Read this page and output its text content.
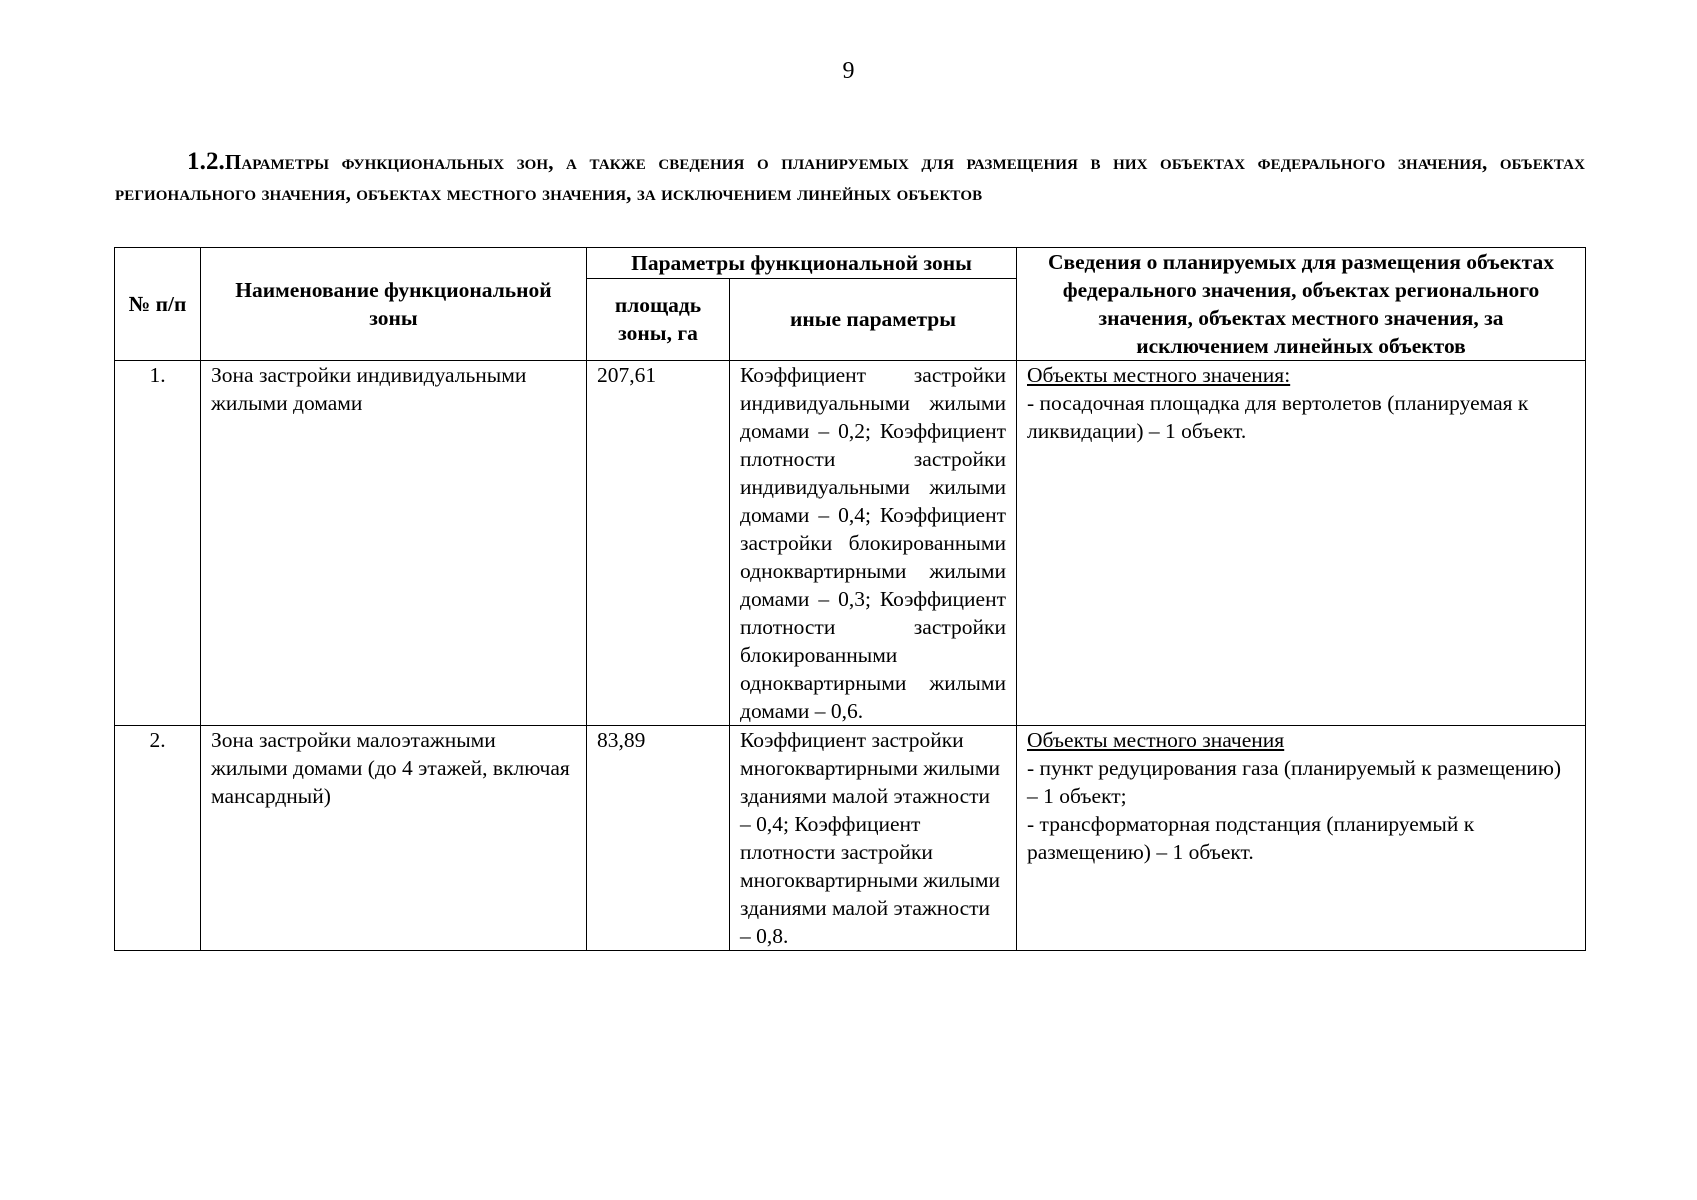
9
1.2.Параметры функциональных зон, а также сведения о планируемых для размещения в них объектах федерального значения, объектах регионального значения, объектах местного значения, за исключением линейных объектов
№ п/п	Наименование функциональной зоны	Параметры функциональной зоны		Сведения о планируемых для размещения объектах федерального значения, объектах регионального значения, объектах местного значения, за исключением линейных объектов
		площадь зоны, га	иные параметры	
1.	Зона застройки индивидуальными жилыми домами	207,61	Коэффициент застройки индивидуальными жилыми домами – 0,2; Коэффициент плотности застройки индивидуальными жилыми домами – 0,4; Коэффициент застройки блокированными одноквартирными жилыми домами – 0,3; Коэффициент плотности застройки блокированными одноквартирными жилыми домами – 0,6.	Объекты местного значения:
- посадочная площадка для вертолетов (планируемая к ликвидации) – 1 объект.

2.	Зона застройки малоэтажными жилыми домами (до 4 этажей, включая мансардный)	83,89	Коэффициент застройки многоквартирными жилыми зданиями малой этажности – 0,4; Коэффициент плотности застройки многоквартирными жилыми зданиями малой этажности – 0,8.	Объекты местного значения
- пункт редуцирования газа (планируемый к размещению) – 1 объект;
- трансформаторная подстанция (планируемый к размещению) – 1 объект.
